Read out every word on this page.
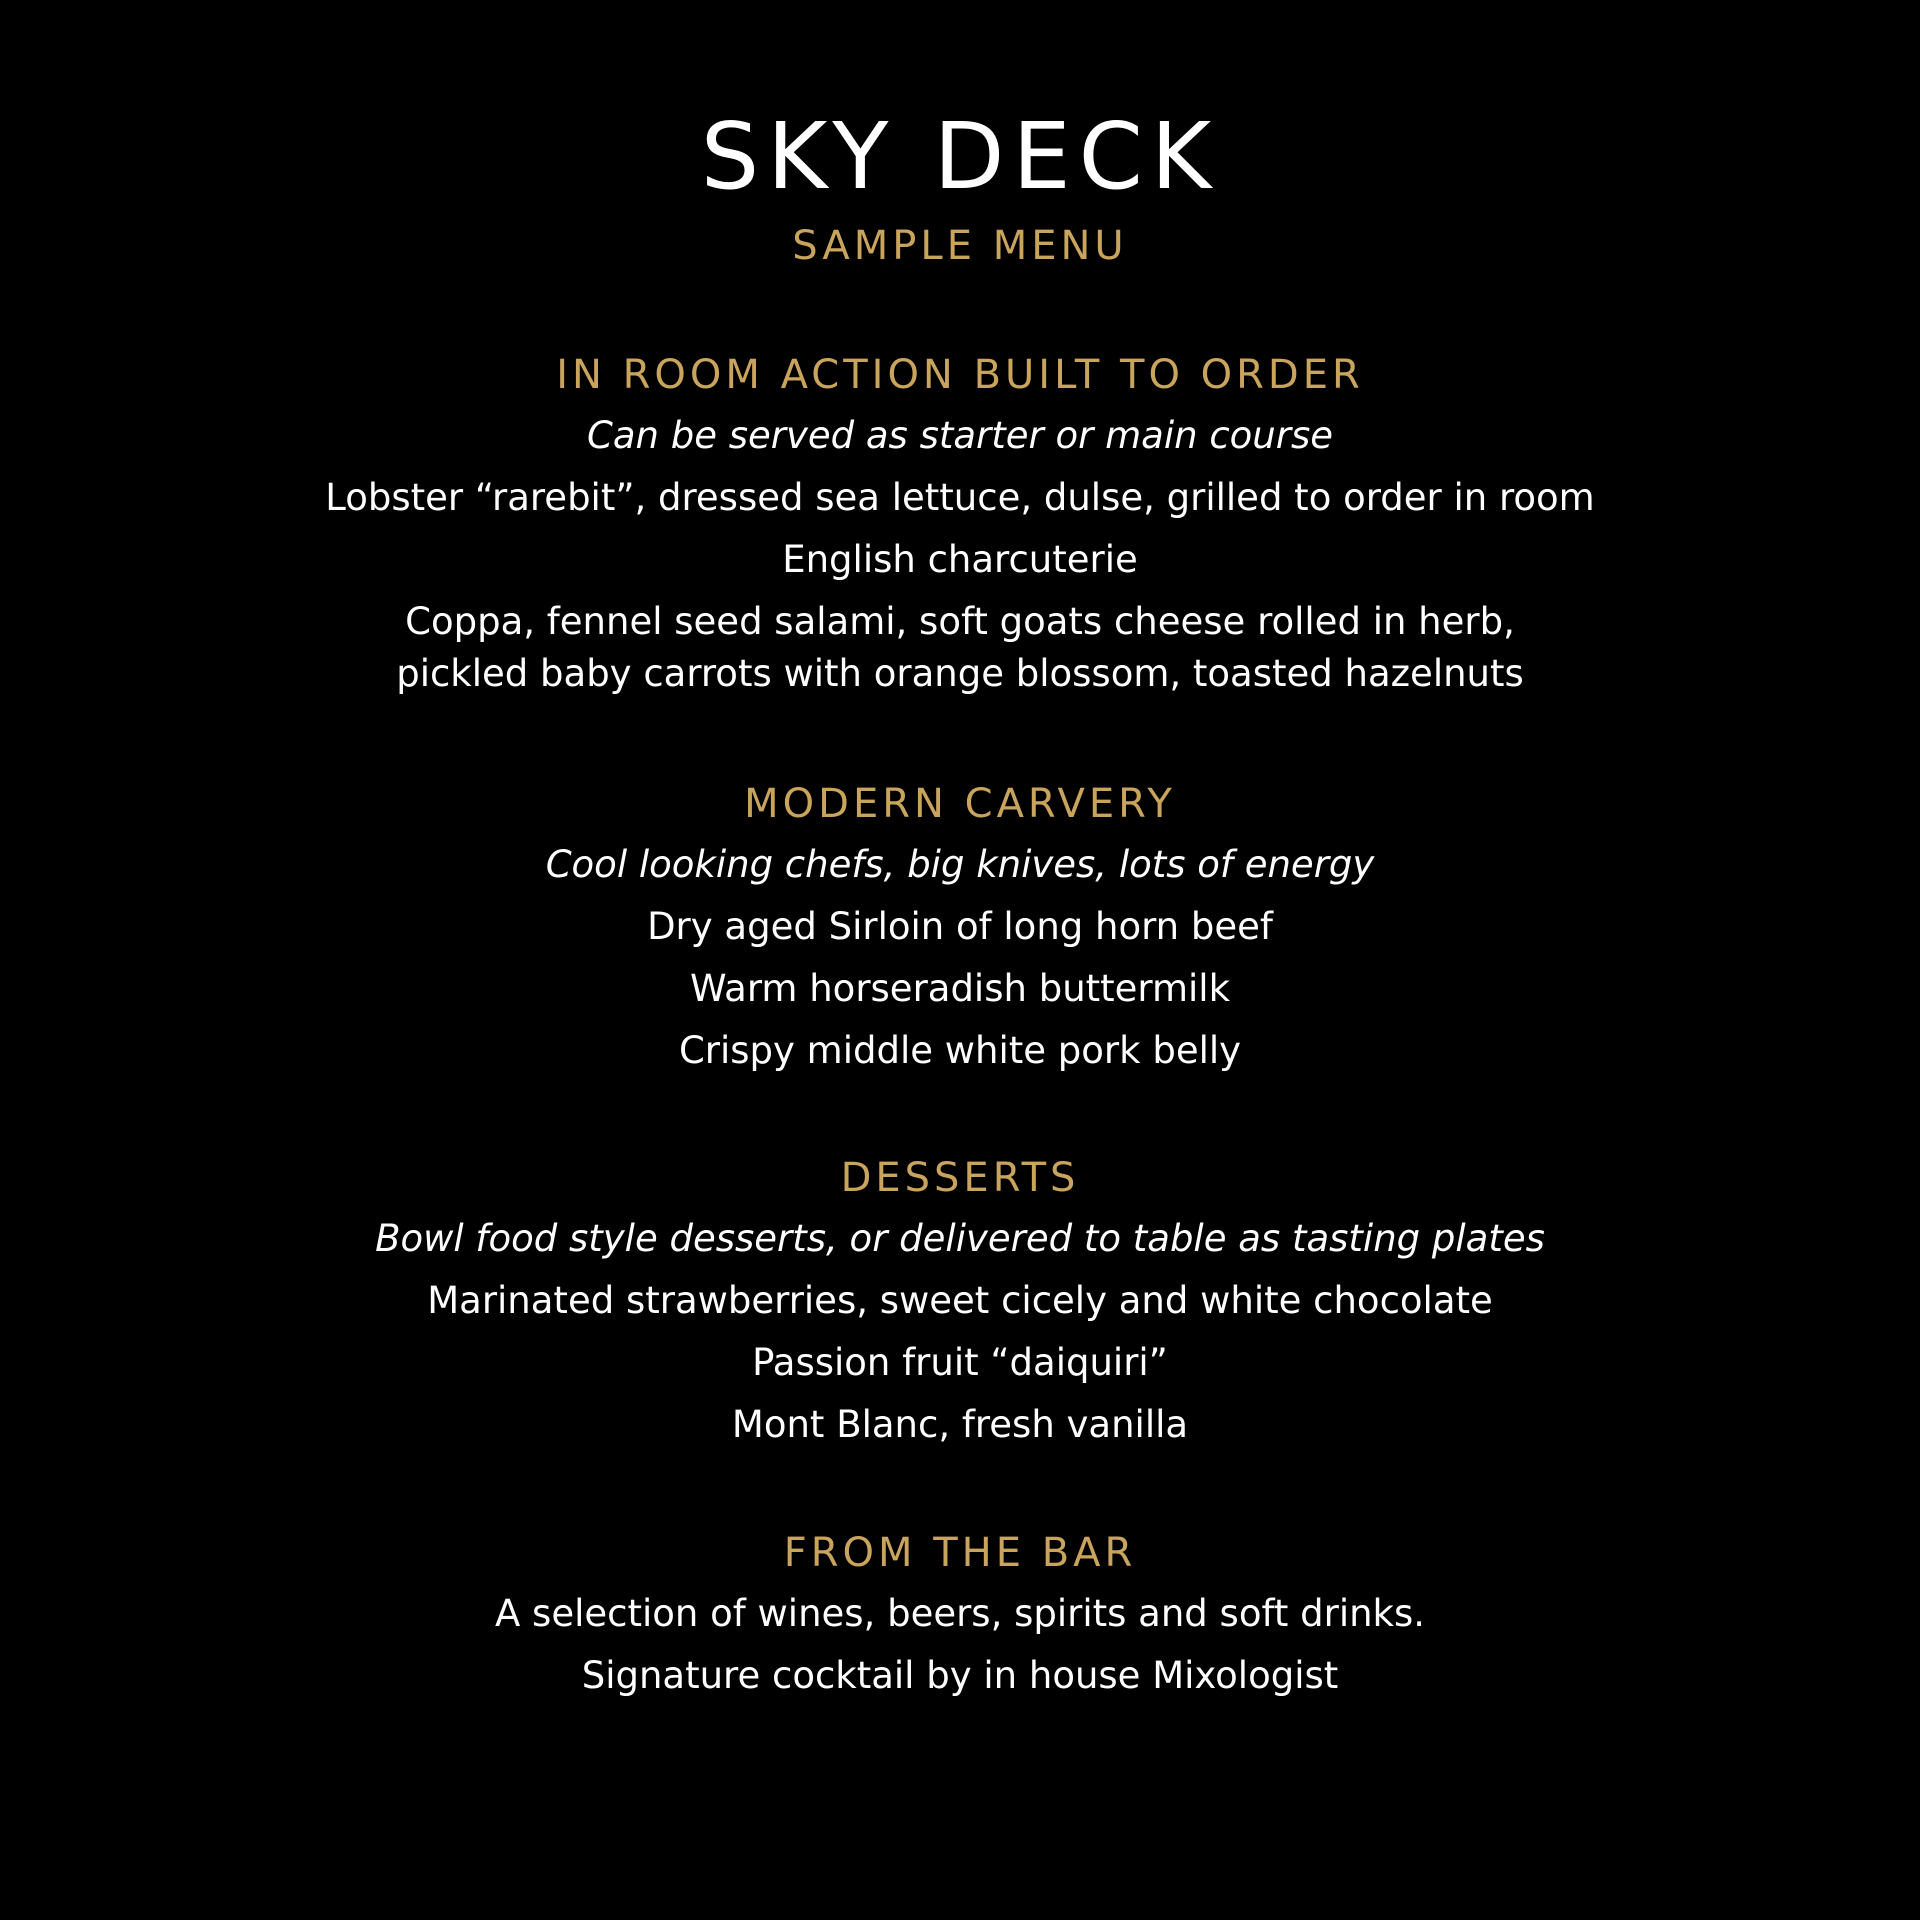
SKY DECK
SAMPLE MENU
IN ROOM ACTION BUILT TO ORDER
Can be served as starter or main course
Lobster “rarebit”, dressed sea lettuce, dulse, grilled to order in room
English charcuterie
Coppa, fennel seed salami, soft goats cheese rolled in herb,
pickled baby carrots with orange blossom, toasted hazelnuts
MODERN CARVERY
Cool looking chefs, big knives, lots of energy
Dry aged Sirloin of long horn beef
Warm horseradish buttermilk
Crispy middle white pork belly
DESSERTS
Bowl food style desserts, or delivered to table as tasting plates
Marinated strawberries, sweet cicely and white chocolate
Passion fruit “daiquiri”
Mont Blanc, fresh vanilla
FROM THE BAR
A selection of wines, beers, spirits and soft drinks.
Signature cocktail by in house Mixologist
